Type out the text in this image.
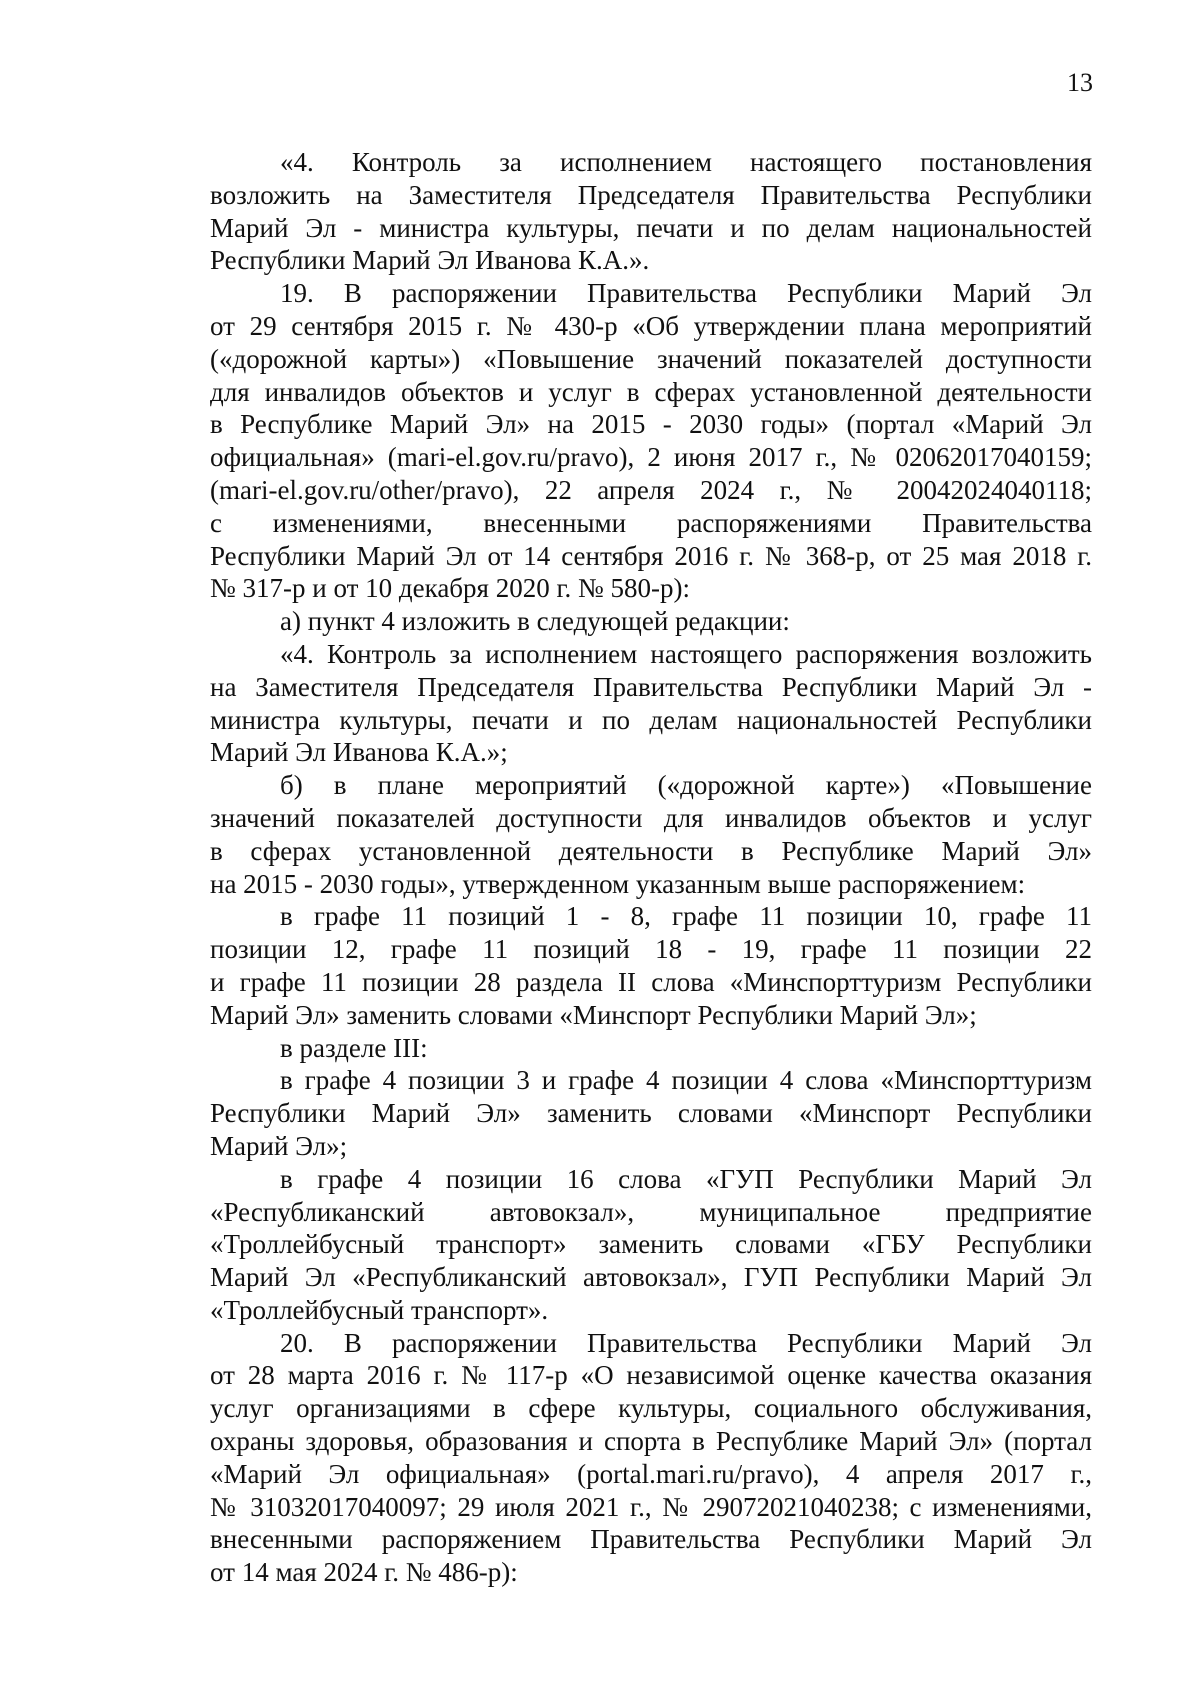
13
«4. Контроль за исполнением настоящего постановления
возложить на Заместителя Председателя Правительства Республики
Марий Эл - министра культуры, печати и по делам национальностей
Республики Марий Эл Иванова К.А.».
19. В распоряжении Правительства Республики Марий Эл
от 29 сентября 2015 г. № 430-р «Об утверждении плана мероприятий
(«дорожной карты») «Повышение значений показателей доступности
для инвалидов объектов и услуг в сферах установленной деятельности
в Республике Марий Эл» на 2015 - 2030 годы» (портал «Марий Эл
официальная» (mari-el.gov.ru/pravo), 2 июня 2017 г., № 02062017040159;
(mari-el.gov.ru/other/pravo), 22 апреля 2024 г., № 20042024040118;
с изменениями, внесенными распоряжениями Правительства
Республики Марий Эл от 14 сентября 2016 г. № 368-р, от 25 мая 2018 г.
№ 317-р и от 10 декабря 2020 г. № 580-р):
а) пункт 4 изложить в следующей редакции:
«4. Контроль за исполнением настоящего распоряжения возложить
на Заместителя Председателя Правительства Республики Марий Эл -
министра культуры, печати и по делам национальностей Республики
Марий Эл Иванова К.А.»;
б) в плане мероприятий («дорожной карте») «Повышение
значений показателей доступности для инвалидов объектов и услуг
в сферах установленной деятельности в Республике Марий Эл»
на 2015 - 2030 годы», утвержденном указанным выше распоряжением:
в графе 11 позиций 1 - 8, графе 11 позиции 10, графе 11
позиции 12, графе 11 позиций 18 - 19, графе 11 позиции 22
и графе 11 позиции 28 раздела II слова «Минспорттуризм Республики
Марий Эл» заменить словами «Минспорт Республики Марий Эл»;
в разделе III:
в графе 4 позиции 3 и графе 4 позиции 4 слова «Минспорттуризм
Республики Марий Эл» заменить словами «Минспорт Республики
Марий Эл»;
в графе 4 позиции 16 слова «ГУП Республики Марий Эл
«Республиканский автовокзал», муниципальное предприятие
«Троллейбусный транспорт» заменить словами «ГБУ Республики
Марий Эл «Республиканский автовокзал», ГУП Республики Марий Эл
«Троллейбусный транспорт».
20. В распоряжении Правительства Республики Марий Эл
от 28 марта 2016 г. № 117-р «О независимой оценке качества оказания
услуг организациями в сфере культуры, социального обслуживания,
охраны здоровья, образования и спорта в Республике Марий Эл» (портал
«Марий Эл официальная» (portal.mari.ru/pravo), 4 апреля 2017 г.,
№ 31032017040097; 29 июля 2021 г., № 29072021040238; с изменениями,
внесенными распоряжением Правительства Республики Марий Эл
от 14 мая 2024 г. № 486-р):
